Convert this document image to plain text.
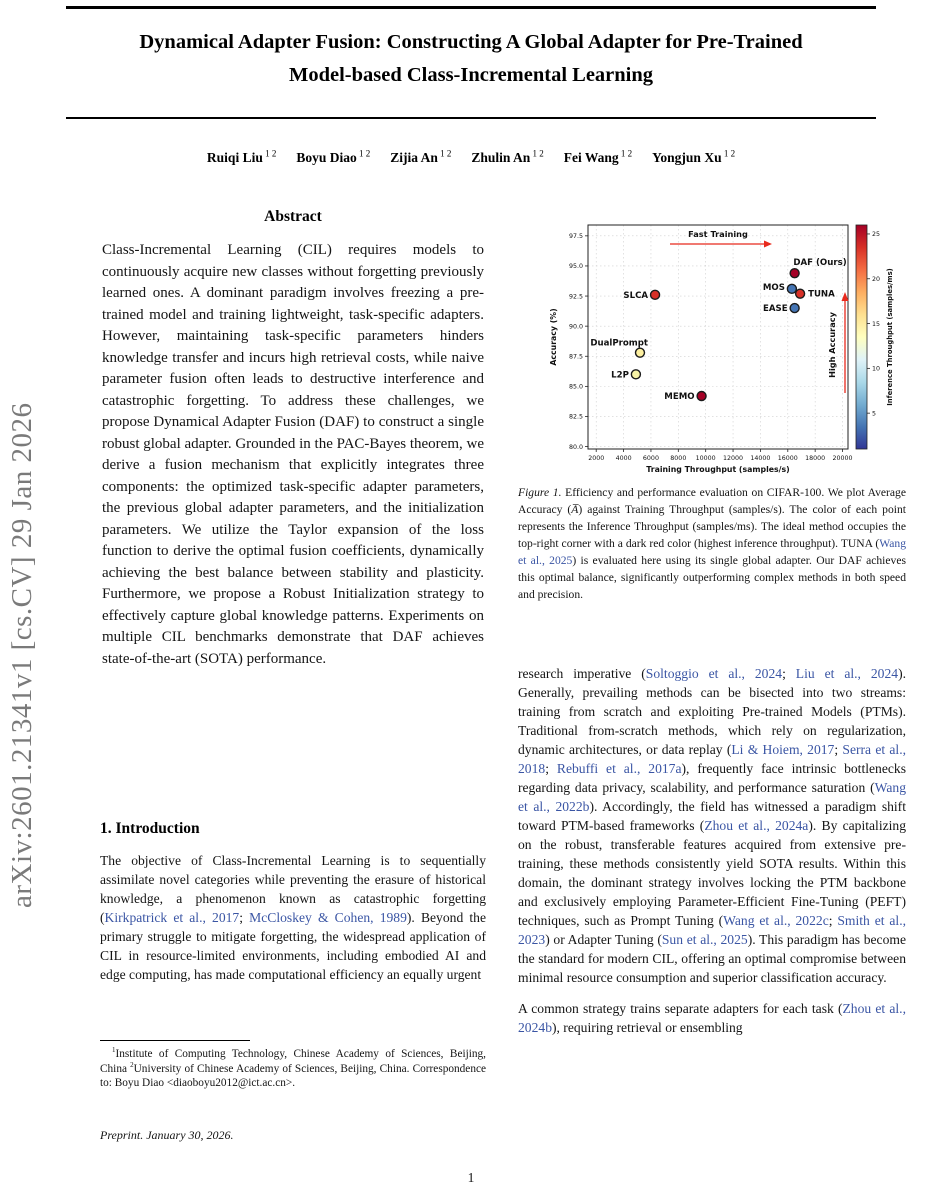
arXiv:2601.21341v1 [cs.CV] 29 Jan 2026
Dynamical Adapter Fusion: Constructing A Global Adapter for Pre-Trained
Model-based Class-Incremental Learning
Ruiqi Liu $^{1 2}$ Boyu Diao $^{1 2}$ Zijia An $^{1 2}$ Zhulin An $^{1 2}$ Fei Wang $^{1 2}$ Yongjun Xu $^{1 2}$
Abstract

Class-Incremental Learning (CIL) requires models to continuously acquire new classes without forgetting previously learned ones. A dominant paradigm involves freezing a pre-trained model and training lightweight, task-specific adapters. However, maintaining task-specific parameters hinders knowledge transfer and incurs high retrieval costs, while naive parameter fusion often leads to destructive interference and catastrophic forgetting. To address these challenges, we propose Dynamical Adapter Fusion (DAF) to construct a single robust global adapter. Grounded in the PAC-Bayes theorem, we derive a fusion mechanism that explicitly integrates three components: the optimized task-specific adapter parameters, the previous global adapter parameters, and the initialization parameters. We utilize the Taylor expansion of the loss function to derive the optimal fusion coefficients, dynamically achieving the best balance between stability and plasticity. Furthermore, we propose a Robust Initialization strategy to effectively capture global knowledge patterns. Experiments on multiple CIL benchmarks demonstrate that DAF achieves state-of-the-art (SOTA) performance.

1. Introduction

The objective of Class-Incremental Learning is to sequentially assimilate novel categories while preventing the erasure of historical knowledge, a phenomenon known as catastrophic forgetting (Kirkpatrick et al., 2017; McCloskey & Cohen, 1989). Beyond the primary struggle to mitigate forgetting, the widespread application of CIL in resource-limited environments, including embodied AI and edge computing, has made computational efficiency an equally urgent

$^1$Institute of Computing Technology, Chinese Academy of Sciences, Beijing, China $^2$University of Chinese Academy of Sciences, Beijing, China. Correspondence to: Boyu Diao <diaoboyu2012@ict.ac.cn>.

Preprint. January 30, 2026.
2000 4000 6000 8000 10000 12000 14000 16000 18000 20000
80.0
82.5
85.0
87.5
90.0
92.5
95.0
97.5
Training Throughput (samples/s)
Accuracy (%)
Fast Training
High Accuracy
SLCA
DualPrompt
L2P
MEMO
DAF (Ours)
MOS
TUNA
EASE
5
10
15
20
25
Inference Throughput (samples/ms)

Figure 1. Efficiency and performance evaluation on CIFAR-100. We plot Average Accuracy (A̅) against Training Throughput (samples/s). The color of each point represents the Inference Throughput (samples/ms). The ideal method occupies the top-right corner with a dark red color (highest inference throughput). TUNA (Wang et al., 2025) is evaluated here using its single global adapter. Our DAF achieves this optimal balance, significantly outperforming complex methods in both speed and precision.

research imperative (Soltoggio et al., 2024; Liu et al., 2024). Generally, prevailing methods can be bisected into two streams: training from scratch and exploiting Pre-trained Models (PTMs). Traditional from-scratch methods, which rely on regularization, dynamic architectures, or data replay (Li & Hoiem, 2017; Serra et al., 2018; Rebuffi et al., 2017a), frequently face intrinsic bottlenecks regarding data privacy, scalability, and performance saturation (Wang et al., 2022b). Accordingly, the field has witnessed a paradigm shift toward PTM-based frameworks (Zhou et al., 2024a). By capitalizing on the robust, transferable features acquired from extensive pre-training, these methods consistently yield SOTA results. Within this domain, the dominant strategy involves locking the PTM backbone and exclusively employing Parameter-Efficient Fine-Tuning (PEFT) techniques, such as Prompt Tuning (Wang et al., 2022c; Smith et al., 2023) or Adapter Tuning (Sun et al., 2025). This paradigm has become the standard for modern CIL, offering an optimal compromise between minimal resource consumption and superior classification accuracy.

A common strategy trains separate adapters for each task (Zhou et al., 2024b), requiring retrieval or ensembling

1
